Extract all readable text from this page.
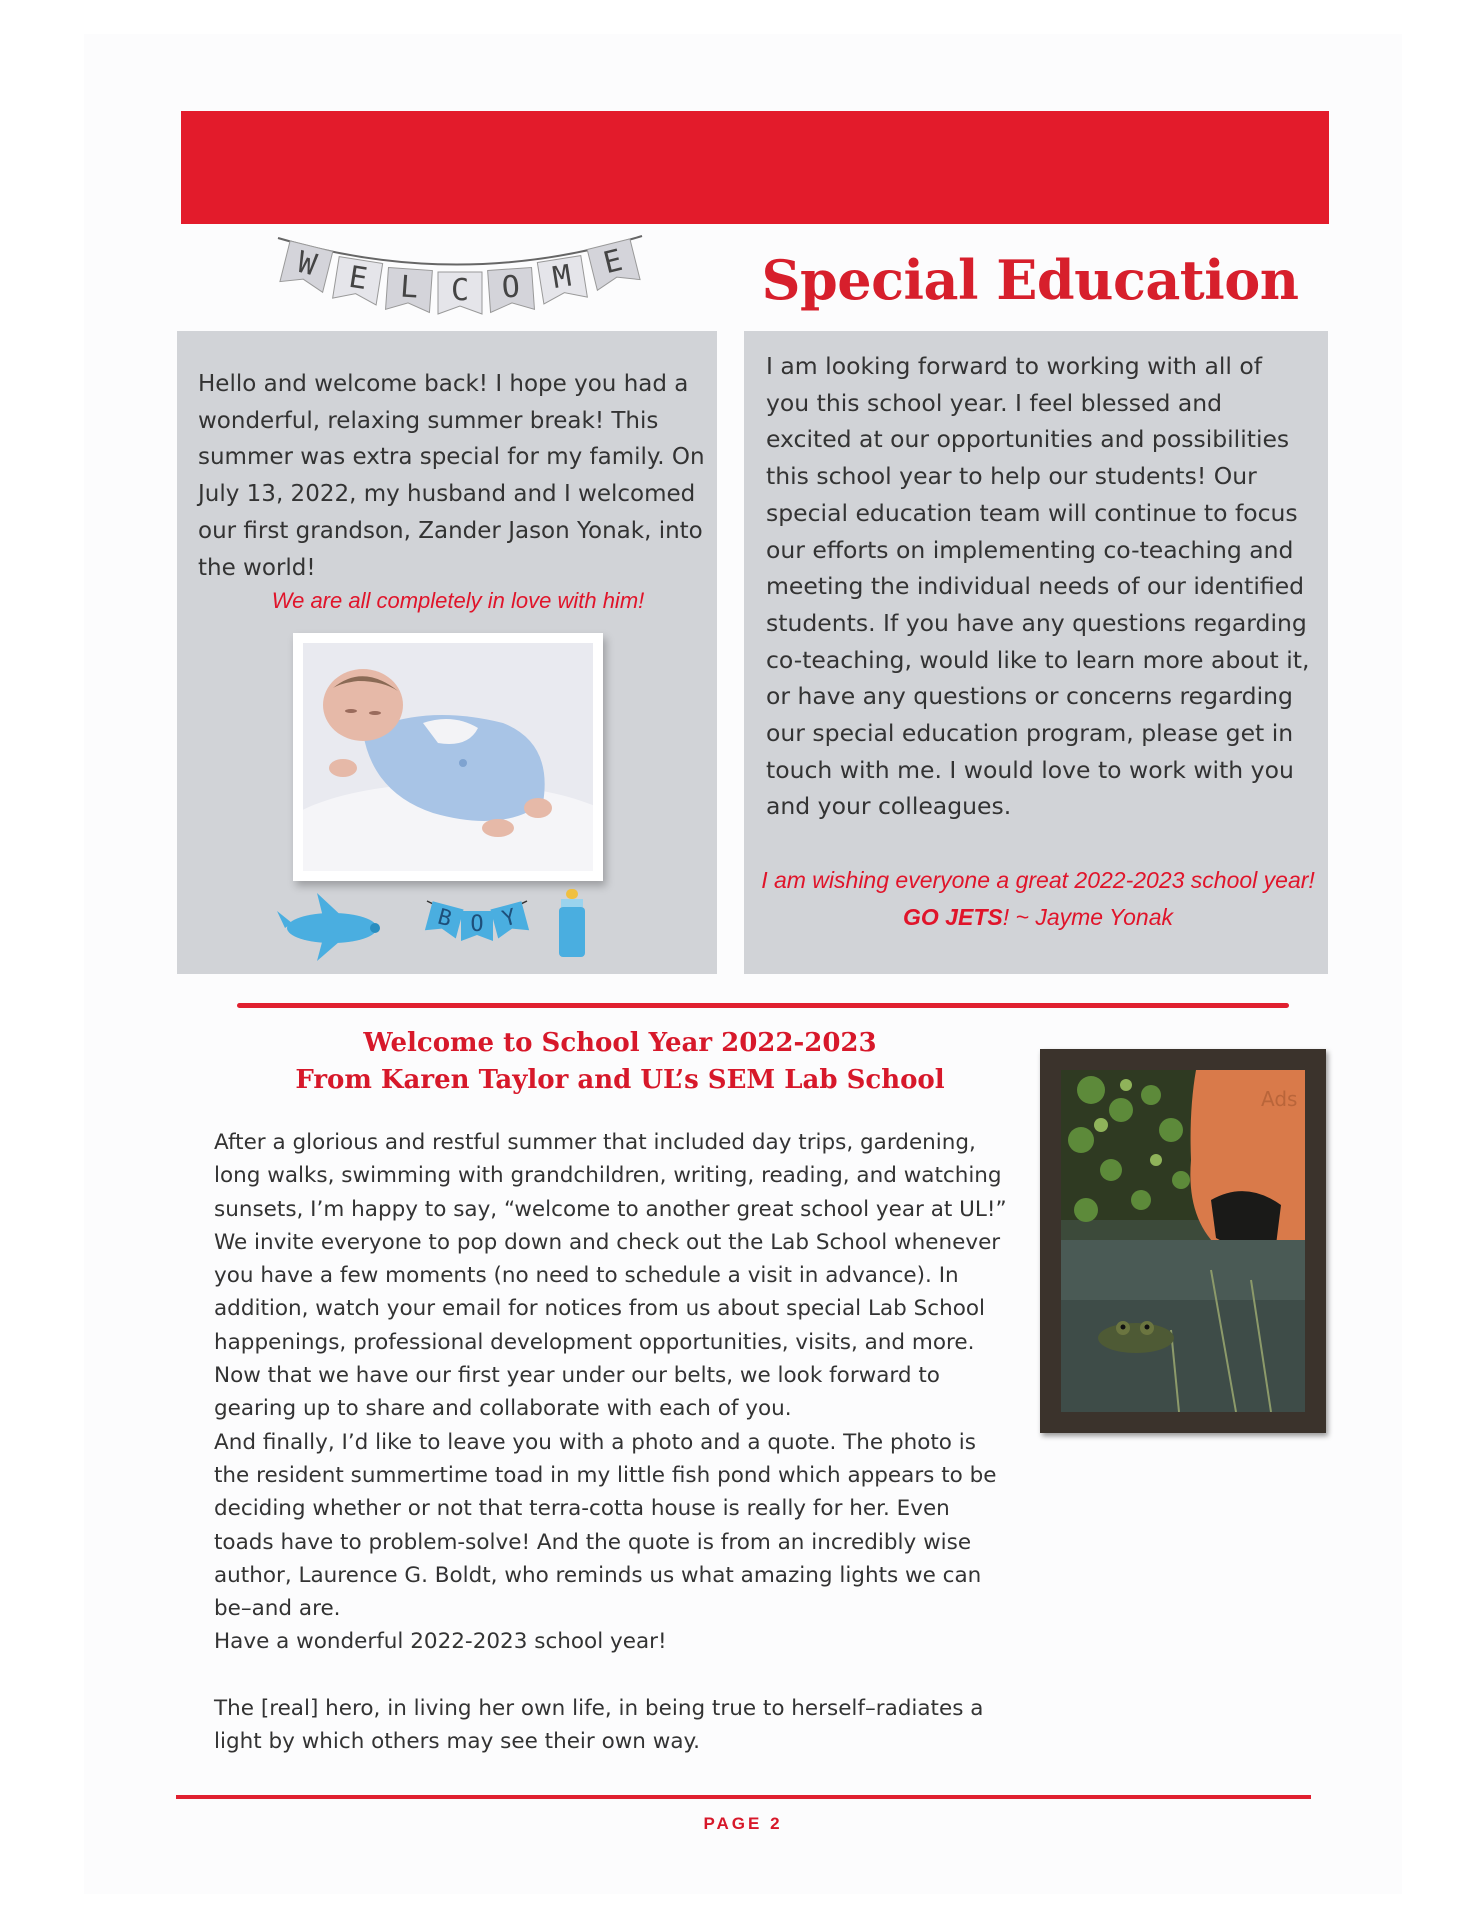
W E L C O M E	Special Education
Hello and welcome back! I hope you had a wonderful, relaxing summer break! This summer was extra special for my family. On July 13, 2022, my husband and I welcomed our first grandson, Zander Jason Yonak, into the world!
We are all completely in love with him!
B O Y
I am looking forward to working with all of you this school year. I feel blessed and excited at our opportunities and possibilities this school year to help our students! Our special education team will continue to focus our efforts on implementing co-teaching and meeting the individual needs of our identified students. If you have any questions regarding co-teaching, would like to learn more about it, or have any questions or concerns regarding our special education program, please get in touch with me. I would love to work with you and your colleagues.
I am wishing everyone a great 2022-2023 school year! GO JETS! ~ Jayme Yonak
Welcome to School Year 2022-2023
From Karen Taylor and UL’s SEM Lab School

After a glorious and restful summer that included day trips, gardening, long walks, swimming with grandchildren, writing, reading, and watching sunsets, I’m happy to say, “welcome to another great school year at UL!” We invite everyone to pop down and check out the Lab School whenever you have a few moments (no need to schedule a visit in advance). In addition, watch your email for notices from us about special Lab School happenings, professional development opportunities, visits, and more. Now that we have our first year under our belts, we look forward to gearing up to share and collaborate with each of you.

And finally, I’d like to leave you with a photo and a quote. The photo is the resident summertime toad in my little fish pond which appears to be deciding whether or not that terra-cotta house is really for her. Even toads have to problem-solve! And the quote is from an incredibly wise author, Laurence G. Boldt, who reminds us what amazing lights we can be–and are.

Have a wonderful 2022-2023 school year!

The [real] hero, in living her own life, in being true to herself–radiates a light by which others may see their own way.

Ads
PAGE 2
